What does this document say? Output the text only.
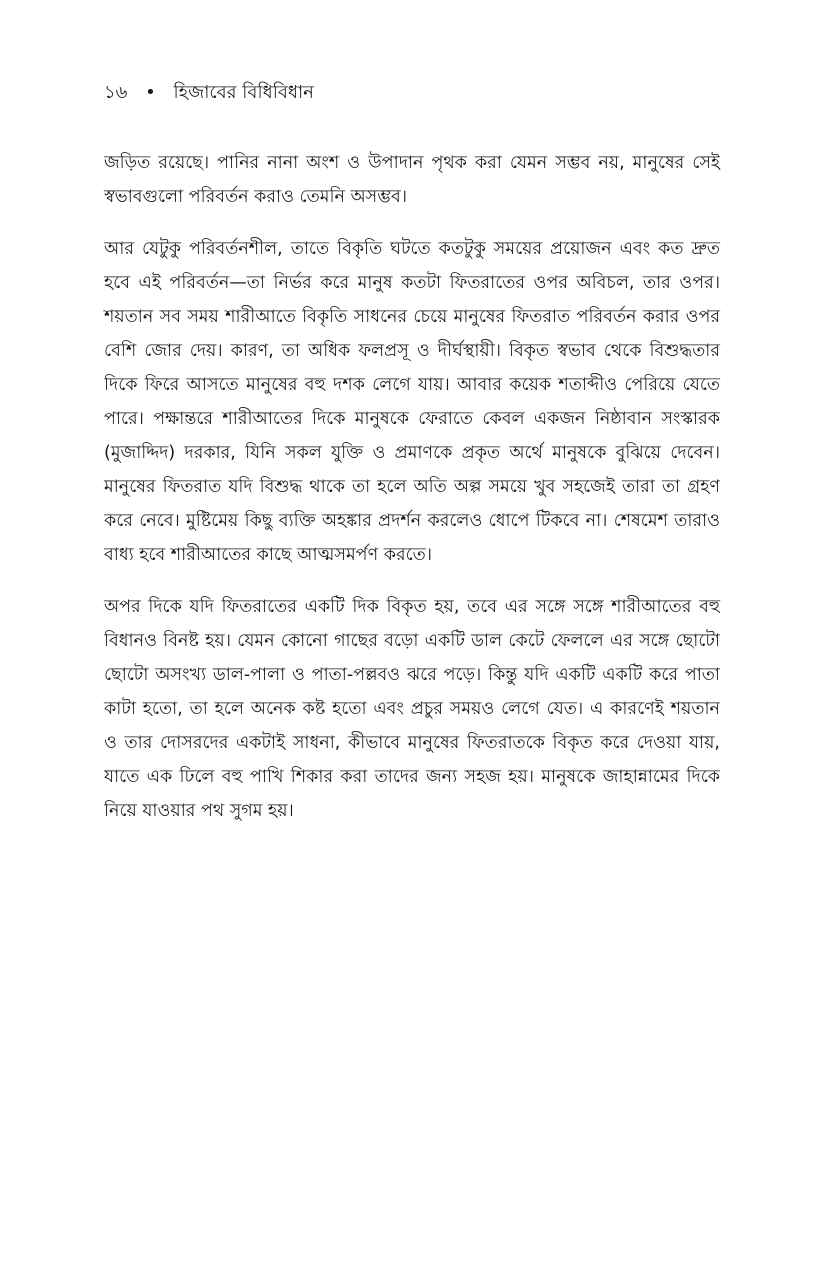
১৬ • হিজাবের বিধিবিধান

জড়িত রয়েছে। পানির নানা অংশ ও উপাদান পৃথক করা যেমন সম্ভব নয়, মানুষের সেই স্বভাবগুলো পরিবর্তন করাও তেমনি অসম্ভব।

আর যেটুকু পরিবর্তনশীল, তাতে বিকৃতি ঘটতে কতটুকু সময়ের প্রয়োজন এবং কত দ্রুত হবে এই পরিবর্তন—তা নির্ভর করে মানুষ কতটা ফিতরাতের ওপর অবিচল, তার ওপর। শয়তান সব সময় শারীআতে বিকৃতি সাধনের চেয়ে মানুষের ফিতরাত পরিবর্তন করার ওপর বেশি জোর দেয়। কারণ, তা অধিক ফলপ্রসূ ও দীর্ঘস্থায়ী। বিকৃত স্বভাব থেকে বিশুদ্ধতার দিকে ফিরে আসতে মানুষের বহু দশক লেগে যায়। আবার কয়েক শতাব্দীও পেরিয়ে যেতে পারে। পক্ষান্তরে শারীআতের দিকে মানুষকে ফেরাতে কেবল একজন নিষ্ঠাবান সংস্কারক (মুজাদ্দিদ) দরকার, যিনি সকল যুক্তি ও প্রমাণকে প্রকৃত অর্থে মানুষকে বুঝিয়ে দেবেন। মানুষের ফিতরাত যদি বিশুদ্ধ থাকে তা হলে অতি অল্প সময়ে খুব সহজেই তারা তা গ্রহণ করে নেবে। মুষ্টিমেয় কিছু ব্যক্তি অহঙ্কার প্রদর্শন করলেও ধোপে টিকবে না। শেষমেশ তারাও বাধ্য হবে শারীআতের কাছে আত্মসমর্পণ করতে।

অপর দিকে যদি ফিতরাতের একটি দিক বিকৃত হয়, তবে এর সঙ্গে সঙ্গে শারীআতের বহু বিধানও বিনষ্ট হয়। যেমন কোনো গাছের বড়ো একটি ডাল কেটে ফেললে এর সঙ্গে ছোটো ছোটো অসংখ্য ডাল-পালা ও পাতা-পল্লবও ঝরে পড়ে। কিন্তু যদি একটি একটি করে পাতা কাটা হতো, তা হলে অনেক কষ্ট হতো এবং প্রচুর সময়ও লেগে যেত। এ কারণেই শয়তান ও তার দোসরদের একটাই সাধনা, কীভাবে মানুষের ফিতরাতকে বিকৃত করে দেওয়া যায়, যাতে এক ঢিলে বহু পাখি শিকার করা তাদের জন্য সহজ হয়। মানুষকে জাহান্নামের দিকে নিয়ে যাওয়ার পথ সুগম হয়।
